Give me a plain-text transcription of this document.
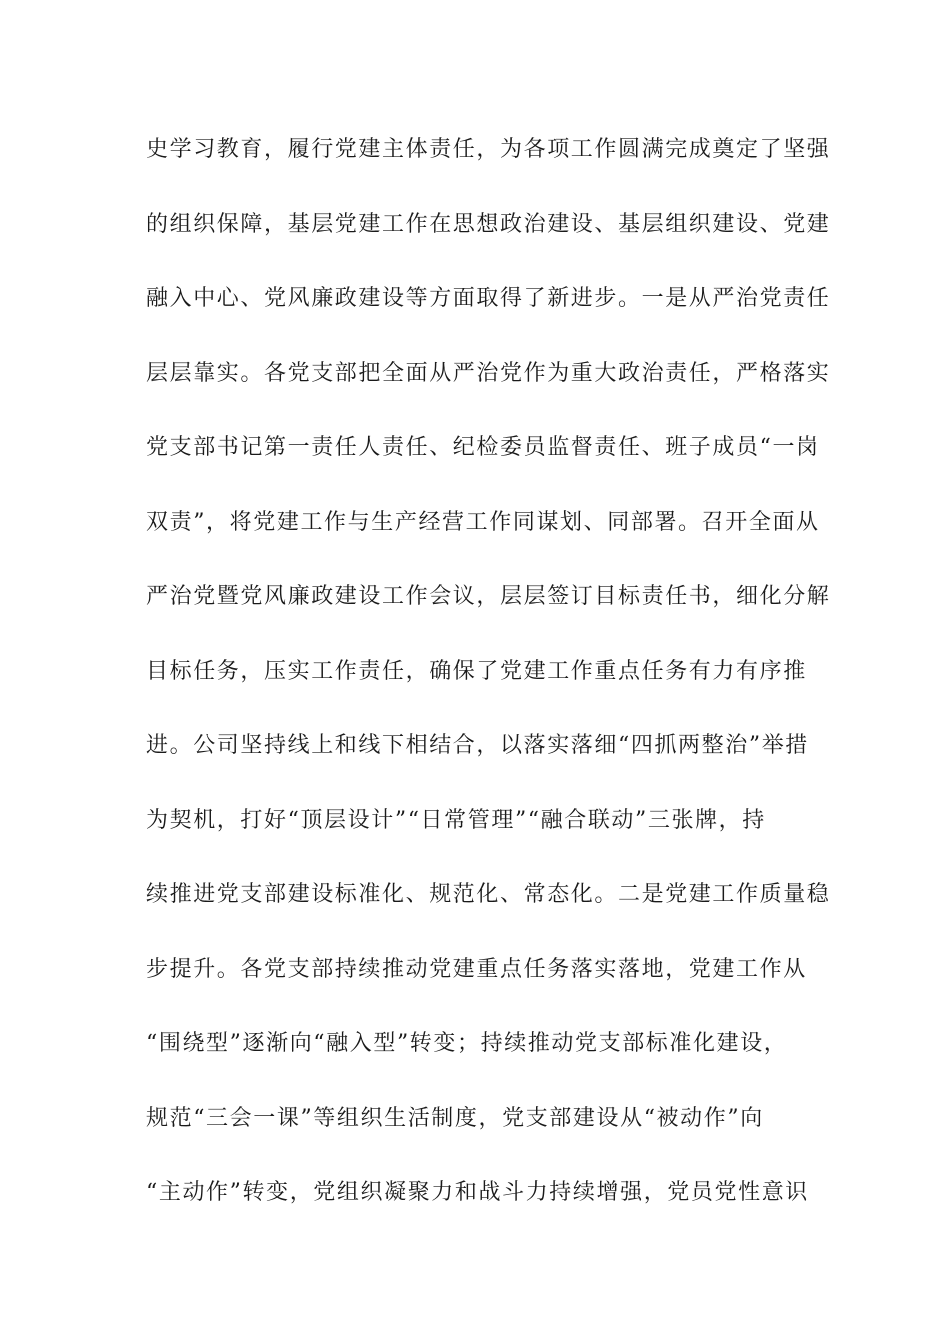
史学习教育，履行党建主体责任，为各项工作圆满完成奠定了坚强
的组织保障，基层党建工作在思想政治建设、基层组织建设、党建
融入中心、党风廉政建设等方面取得了新进步。一是从严治党责任
层层靠实。各党支部把全面从严治党作为重大政治责任，严格落实
党支部书记第一责任人责任、纪检委员监督责任、班子成员“一岗
双责”，将党建工作与生产经营工作同谋划、同部署。召开全面从
严治党暨党风廉政建设工作会议，层层签订目标责任书，细化分解
目标任务，压实工作责任，确保了党建工作重点任务有力有序推
进。公司坚持线上和线下相结合，以落实落细“四抓两整治”举措
为契机，打好“顶层设计”“日常管理”“融合联动”三张牌，持
续推进党支部建设标准化、规范化、常态化。二是党建工作质量稳
步提升。各党支部持续推动党建重点任务落实落地，党建工作从
“围绕型”逐渐向“融入型”转变；持续推动党支部标准化建设，
规范“三会一课”等组织生活制度，党支部建设从“被动作”向
“主动作”转变，党组织凝聚力和战斗力持续增强，党员党性意识
